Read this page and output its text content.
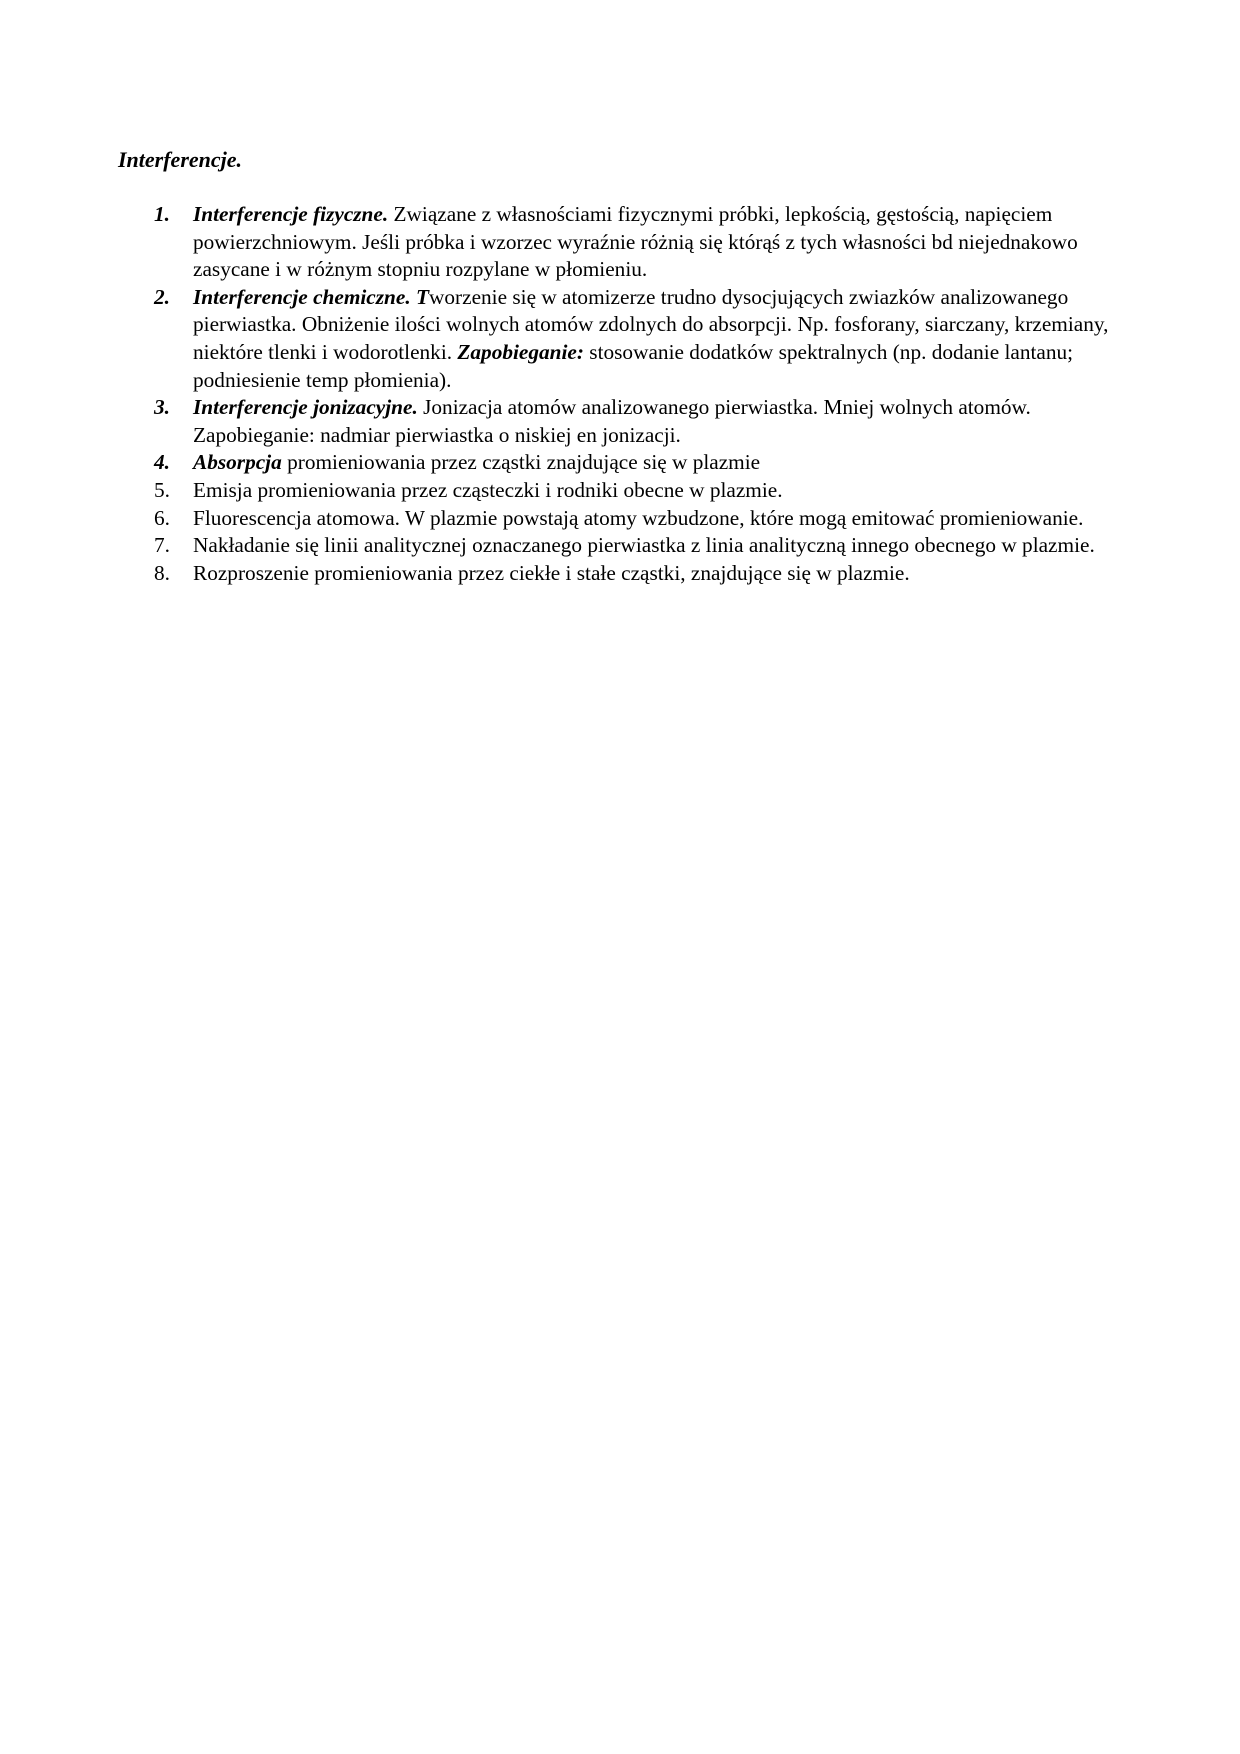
Interferencje.
1. Interferencje fizyczne. Związane z własnościami fizycznymi próbki, lepkością, gęstością, napięciem powierzchniowym. Jeśli próbka i wzorzec wyraźnie różnią się którąś z tych własności bd niejednakowo zasycane i w różnym stopniu rozpylane w płomieniu.
2. Interferencje chemiczne. Tworzenie się w atomizerze trudno dysocjujących zwiazków analizowanego pierwiastka. Obniżenie ilości wolnych atomów zdolnych do absorpcji. Np. fosforany, siarczany, krzemiany, niektóre tlenki i wodorotlenki. Zapobieganie: stosowanie dodatków spektralnych (np. dodanie lantanu; podniesienie temp płomienia).
3. Interferencje jonizacyjne. Jonizacja atomów analizowanego pierwiastka. Mniej wolnych atomów. Zapobieganie: nadmiar pierwiastka o niskiej en jonizacji.
4. Absorpcja promieniowania przez cząstki znajdujące się w plazmie
5. Emisja promieniowania przez cząsteczki i rodniki obecne w plazmie.
6. Fluorescencja atomowa. W plazmie powstają atomy wzbudzone, które mogą emitować promieniowanie.
7. Nakładanie się linii analitycznej oznaczanego pierwiastka z linia analityczną innego obecnego w plazmie.
8. Rozproszenie promieniowania przez ciekłe i stałe cząstki, znajdujące się w plazmie.
